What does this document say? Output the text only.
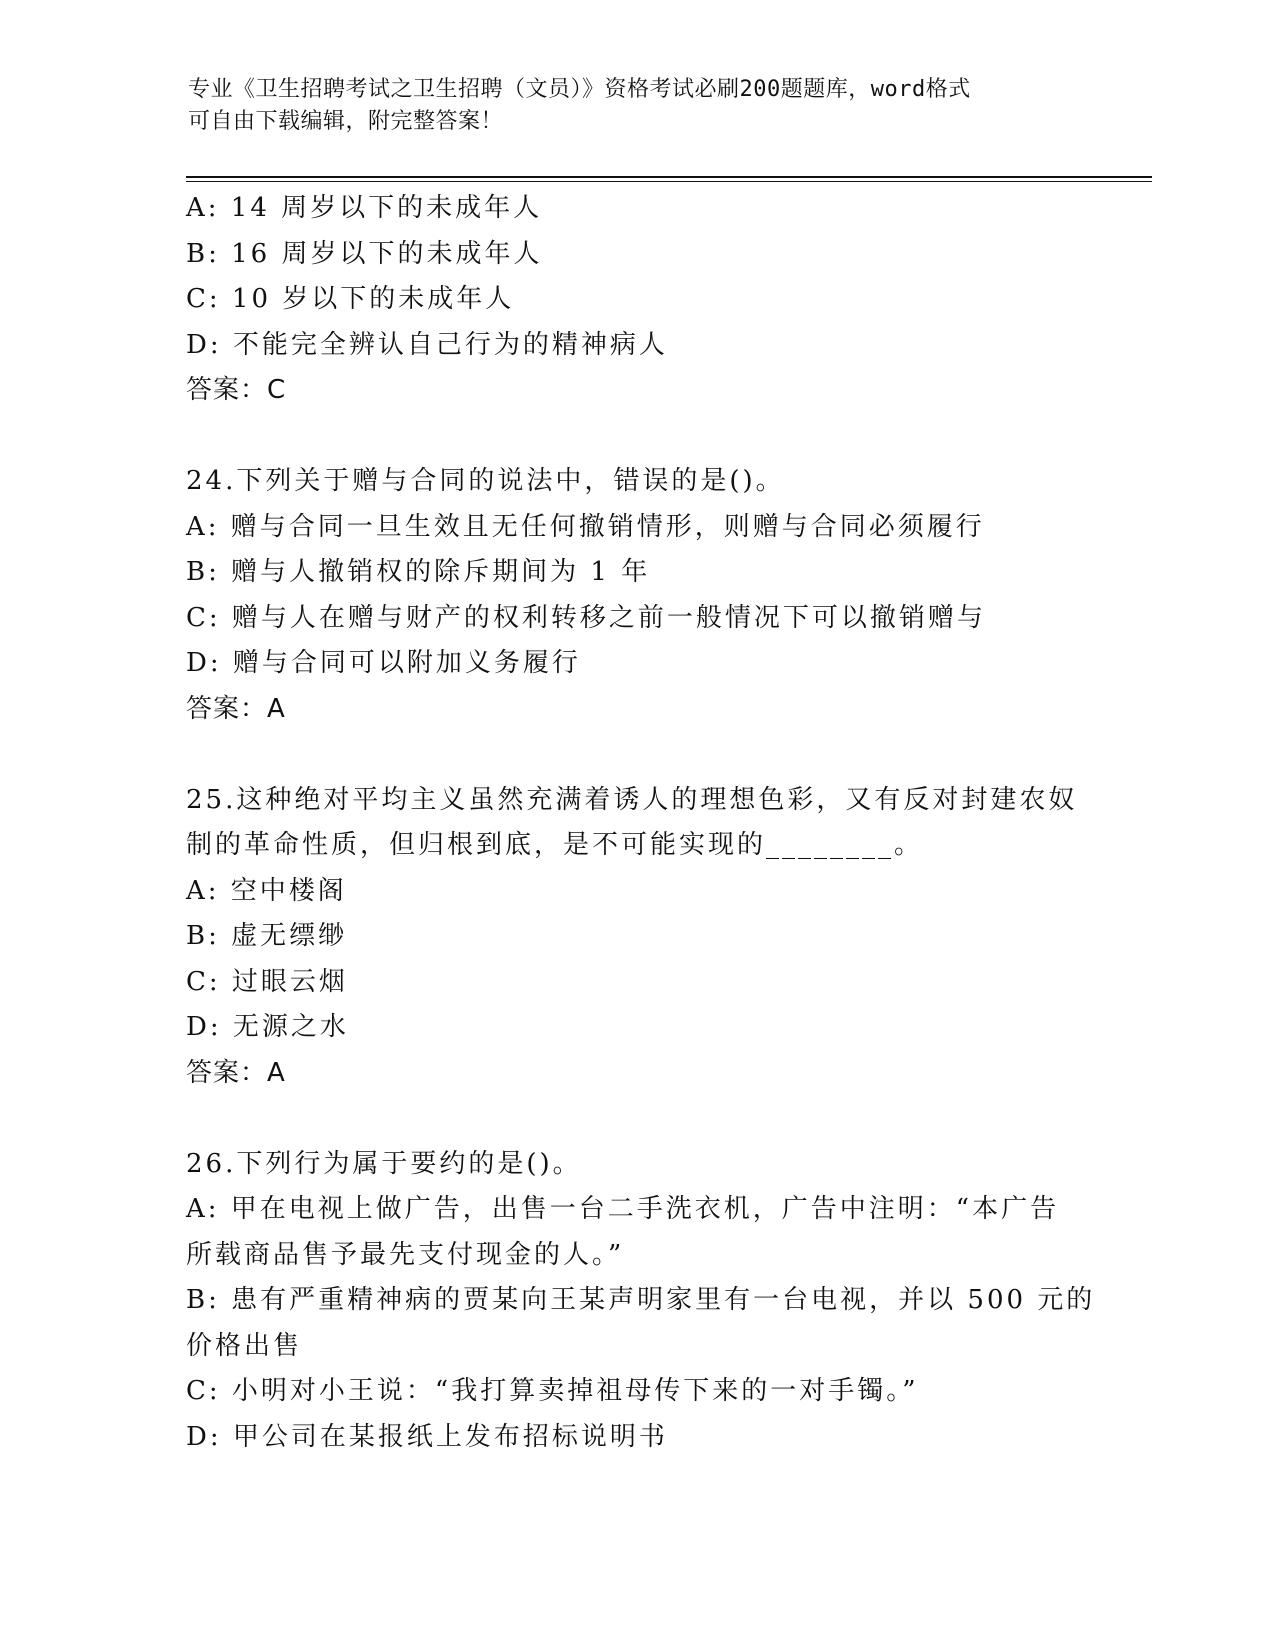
专业《卫生招聘考试之卫生招聘（文员）》资格考试必刷200题题库，word格式
可自由下载编辑，附完整答案！
A: 14 周岁以下的未成年人
B: 16 周岁以下的未成年人
C: 10 岁以下的未成年人
D: 不能完全辨认自己行为的精神病人
答案：C
24.下列关于赠与合同的说法中，错误的是()。
A: 赠与合同一旦生效且无任何撤销情形，则赠与合同必须履行
B: 赠与人撤销权的除斥期间为 1 年
C: 赠与人在赠与财产的权利转移之前一般情况下可以撤销赠与
D: 赠与合同可以附加义务履行
答案：A
25.这种绝对平均主义虽然充满着诱人的理想色彩，又有反对封建农奴
制的革命性质，但归根到底，是不可能实现的________。
A: 空中楼阁
B: 虚无缥缈
C: 过眼云烟
D: 无源之水
答案：A
26.下列行为属于要约的是()。
A: 甲在电视上做广告，出售一台二手洗衣机，广告中注明：“本广告
所载商品售予最先支付现金的人。”
B: 患有严重精神病的贾某向王某声明家里有一台电视，并以 500 元的
价格出售
C: 小明对小王说：“我打算卖掉祖母传下来的一对手镯。”
D: 甲公司在某报纸上发布招标说明书
